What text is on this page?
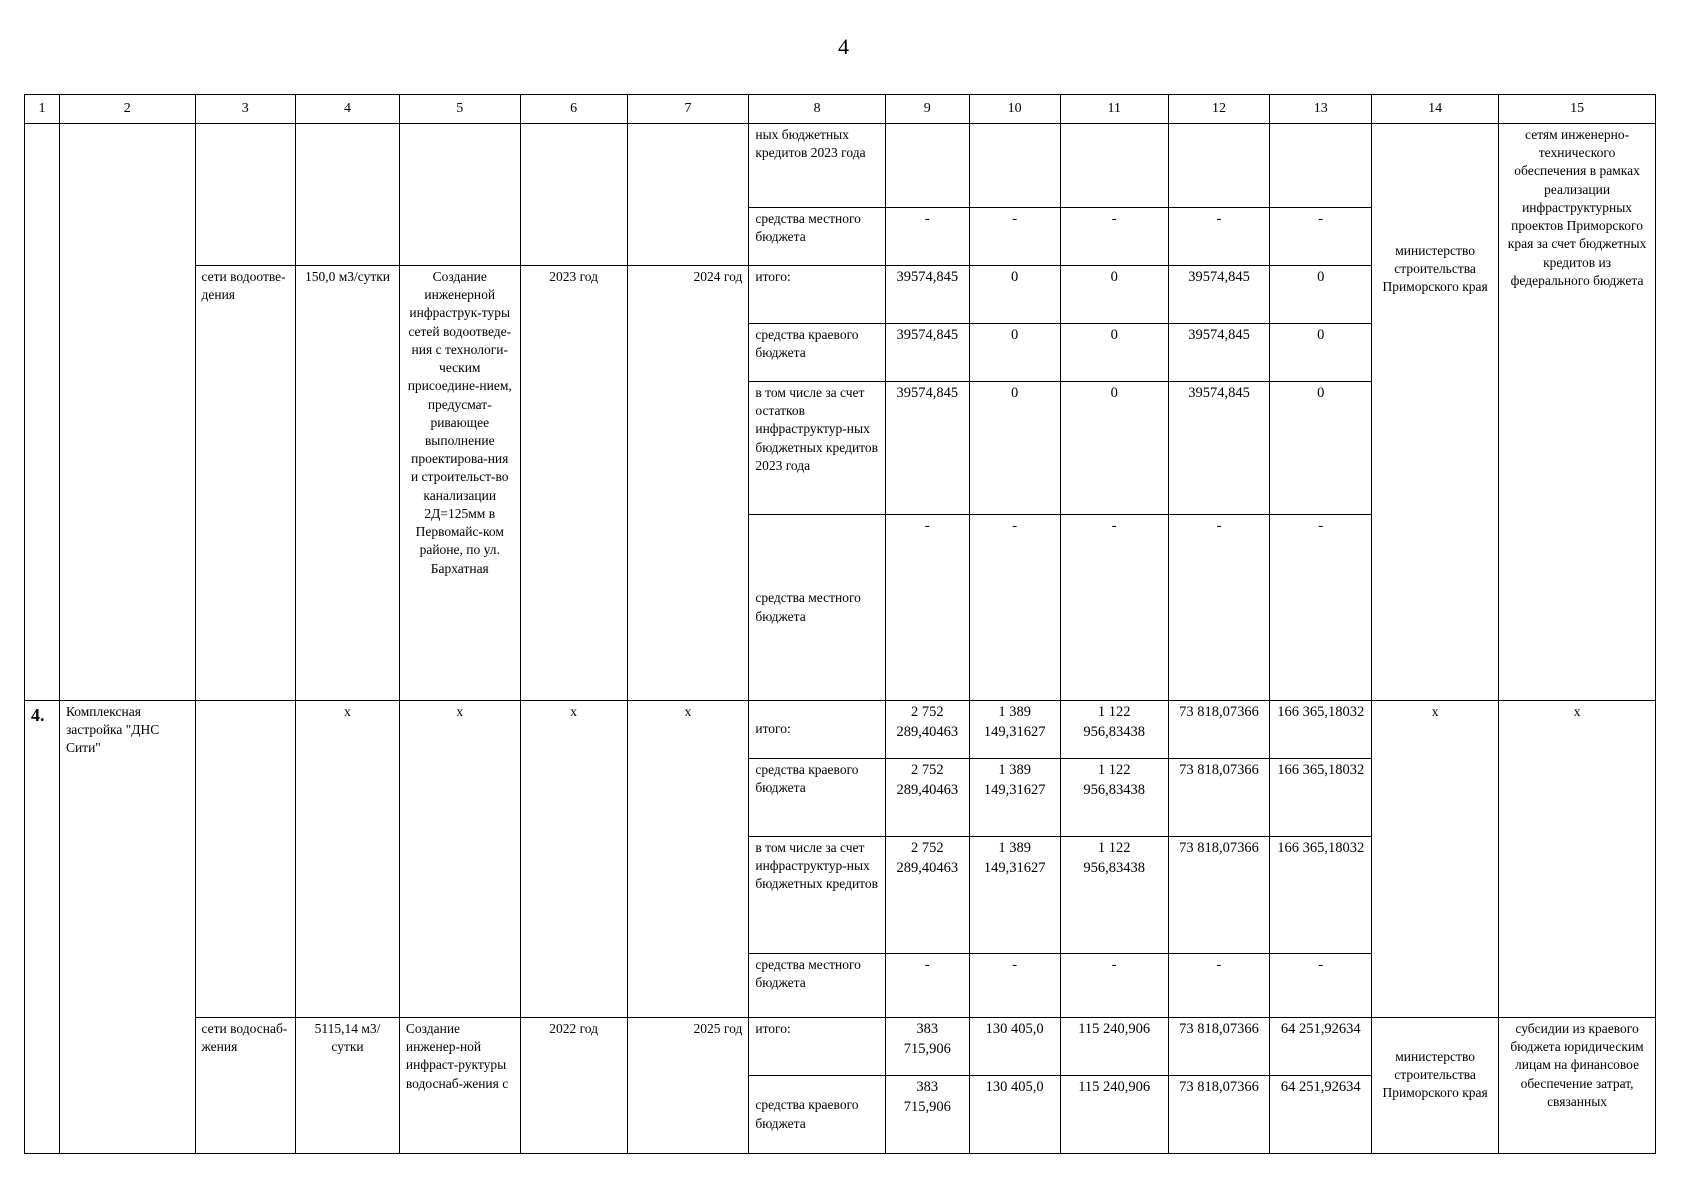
4
1	2	3	4	5	6	7	8	9	10	11	12	13	14	15
							ных бюджетных кредитов 2023 года						министерство строительства Приморского края	сетям инженерно-технического обеспечения в рамках реализации инфраструктурных проектов Приморского края за счет бюджетных кредитов из федерального бюджета
							средства местного бюджета	-	-	-	-	-		
		сети водоотве-дения	150,0 м3/сутки	Создание инженерной инфраструк-туры сетей водоотведе-ния с технологи-ческим присоедине-нием, предусмат-ривающее выполнение проектирова-ния и строительст-во канализации 2Д=125мм в Первомайс-ком районе, по ул. Бархатная	2023 год	2024 год	итого:	39574,845	0	0	39574,845	0		
							средства краевого бюджета	39574,845	0	0	39574,845	0		
							в том числе за счет остатков инфраструктур-ных бюджетных кредитов 2023 года	39574,845	0	0	39574,845	0		
							средства местного бюджета	-	-	-	-	-		
4.	Комплексная застройка "ДНС Сити"		х	х	х	х	итого:	2 752 289,40463	1 389 149,31627	1 122 956,83438	73 818,07366	166 365,18032	х	х
							средства краевого бюджета	2 752 289,40463	1 389 149,31627	1 122 956,83438	73 818,07366	166 365,18032		
							в том числе за счет инфраструктур-ных бюджетных кредитов	2 752 289,40463	1 389 149,31627	1 122 956,83438	73 818,07366	166 365,18032		
							средства местного бюджета	-	-	-	-	-		
		сети водоснаб-жения	5115,14 м3/сутки	Создание инженер-ной инфраст-руктуры водоснаб-жения с	2022 год	2025 год	итого:	383 715,906	130 405,0	115 240,906	73 818,07366	64 251,92634	министерство строительства Приморского края	субсидии из краевого бюджета юридическим лицам на финансовое обеспечение затрат, связанных
							средства краевого бюджета	383 715,906	130 405,0	115 240,906	73 818,07366	64 251,92634		
